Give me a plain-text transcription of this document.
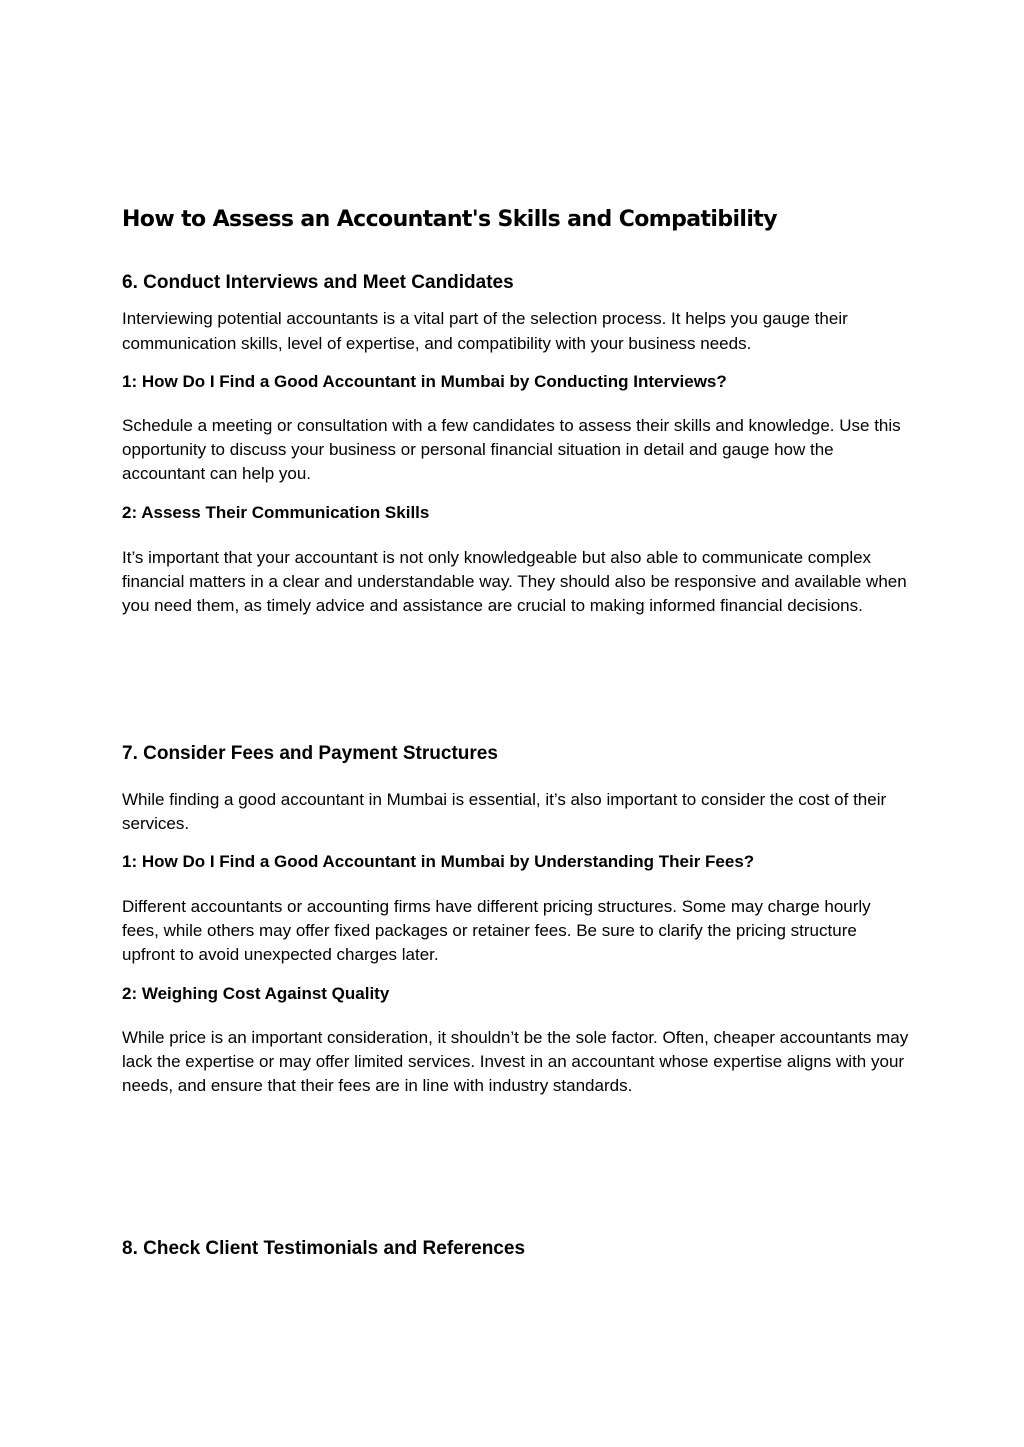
How to Assess an Accountant's Skills and Compatibility
6. Conduct Interviews and Meet Candidates

Interviewing potential accountants is a vital part of the selection process. It helps you gauge their communication skills, level of expertise, and compatibility with your business needs.

1: How Do I Find a Good Accountant in Mumbai by Conducting Interviews?

Schedule a meeting or consultation with a few candidates to assess their skills and knowledge. Use this opportunity to discuss your business or personal financial situation in detail and gauge how the accountant can help you.

2: Assess Their Communication Skills

It’s important that your accountant is not only knowledgeable but also able to communicate complex financial matters in a clear and understandable way. They should also be responsive and available when you need them, as timely advice and assistance are crucial to making informed financial decisions.

7. Consider Fees and Payment Structures

While finding a good accountant in Mumbai is essential, it’s also important to consider the cost of their services.

1: How Do I Find a Good Accountant in Mumbai by Understanding Their Fees?

Different accountants or accounting firms have different pricing structures. Some may charge hourly fees, while others may offer fixed packages or retainer fees. Be sure to clarify the pricing structure upfront to avoid unexpected charges later.

2: Weighing Cost Against Quality

While price is an important consideration, it shouldn’t be the sole factor. Often, cheaper accountants may lack the expertise or may offer limited services. Invest in an accountant whose expertise aligns with your needs, and ensure that their fees are in line with industry standards.

8. Check Client Testimonials and References
